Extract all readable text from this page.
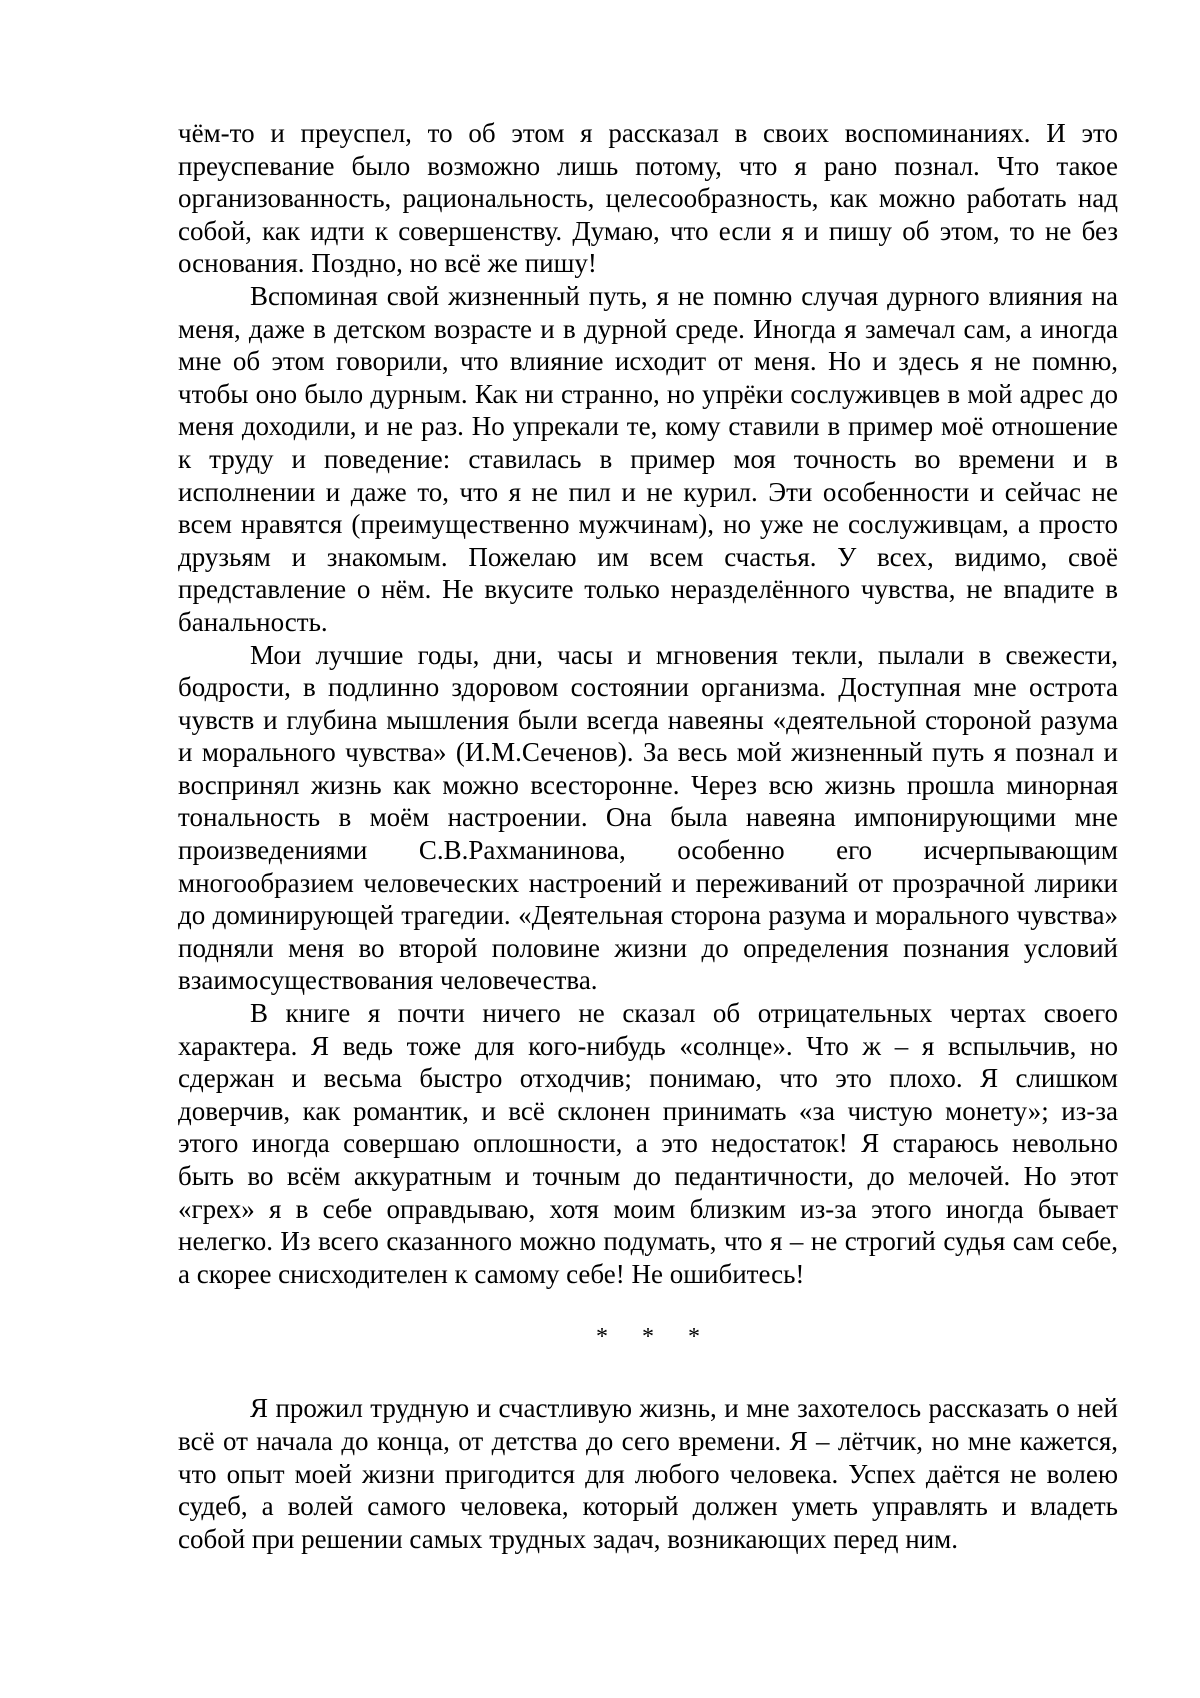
чём-то и преуспел, то об этом я рассказал в своих воспоминаниях. И это преуспевание было возможно лишь потому, что я рано познал. Что такое организованность, рациональность, целесообразность, как можно работать над собой, как идти к совершенству. Думаю, что если я и пишу об этом, то не без основания. Поздно, но всё же пишу!

Вспоминая свой жизненный путь, я не помню случая дурного влияния на меня, даже в детском возрасте и в дурной среде. Иногда я замечал сам, а иногда мне об этом говорили, что влияние исходит от меня. Но и здесь я не помню, чтобы оно было дурным. Как ни странно, но упрёки сослуживцев в мой адрес до меня доходили, и не раз. Но упрекали те, кому ставили в пример моё отношение к труду и поведение: ставилась в пример моя точность во времени и в исполнении и даже то, что я не пил и не курил. Эти особенности и сейчас не всем нравятся (преимущественно мужчинам), но уже не сослуживцам, а просто друзьям и знакомым. Пожелаю им всем счастья. У всех, видимо, своё представление о нём. Не вкусите только неразделённого чувства, не впадите в банальность.

Мои лучшие годы, дни, часы и мгновения текли, пылали в свежести, бодрости, в подлинно здоровом состоянии организма. Доступная мне острота чувств и глубина мышления были всегда навеяны «деятельной стороной разума и морального чувства» (И.М.Сеченов). За весь мой жизненный путь я познал и воспринял жизнь как можно всесторонне. Через всю жизнь прошла минорная тональность в моём настроении. Она была навеяна импонирующими мне произведениями С.В.Рахманинова, особенно его исчерпывающим многообразием человеческих настроений и переживаний от прозрачной лирики до доминирующей трагедии. «Деятельная сторона разума и морального чувства» подняли меня во второй половине жизни до определения познания условий взаимосуществования человечества.

В книге я почти ничего не сказал об отрицательных чертах своего характера. Я ведь тоже для кого-нибудь «солнце». Что ж – я вспыльчив, но сдержан и весьма быстро отходчив; понимаю, что это плохо. Я слишком доверчив, как романтик, и всё склонен принимать «за чистую монету»; из-за этого иногда совершаю оплошности, а это недостаток! Я стараюсь невольно быть во всём аккуратным и точным до педантичности, до мелочей. Но этот «грех» я в себе оправдываю, хотя моим близким из-за этого иногда бывает нелегко. Из всего сказанного можно подумать, что я – не строгий судья сам себе, а скорее снисходителен к самому себе! Не ошибитесь!

* * *

Я прожил трудную и счастливую жизнь, и мне захотелось рассказать о ней всё от начала до конца, от детства до сего времени. Я – лётчик, но мне кажется, что опыт моей жизни пригодится для любого человека. Успех даётся не волею судеб, а волей самого человека, который должен уметь управлять и владеть собой при решении самых трудных задач, возникающих перед ним.
